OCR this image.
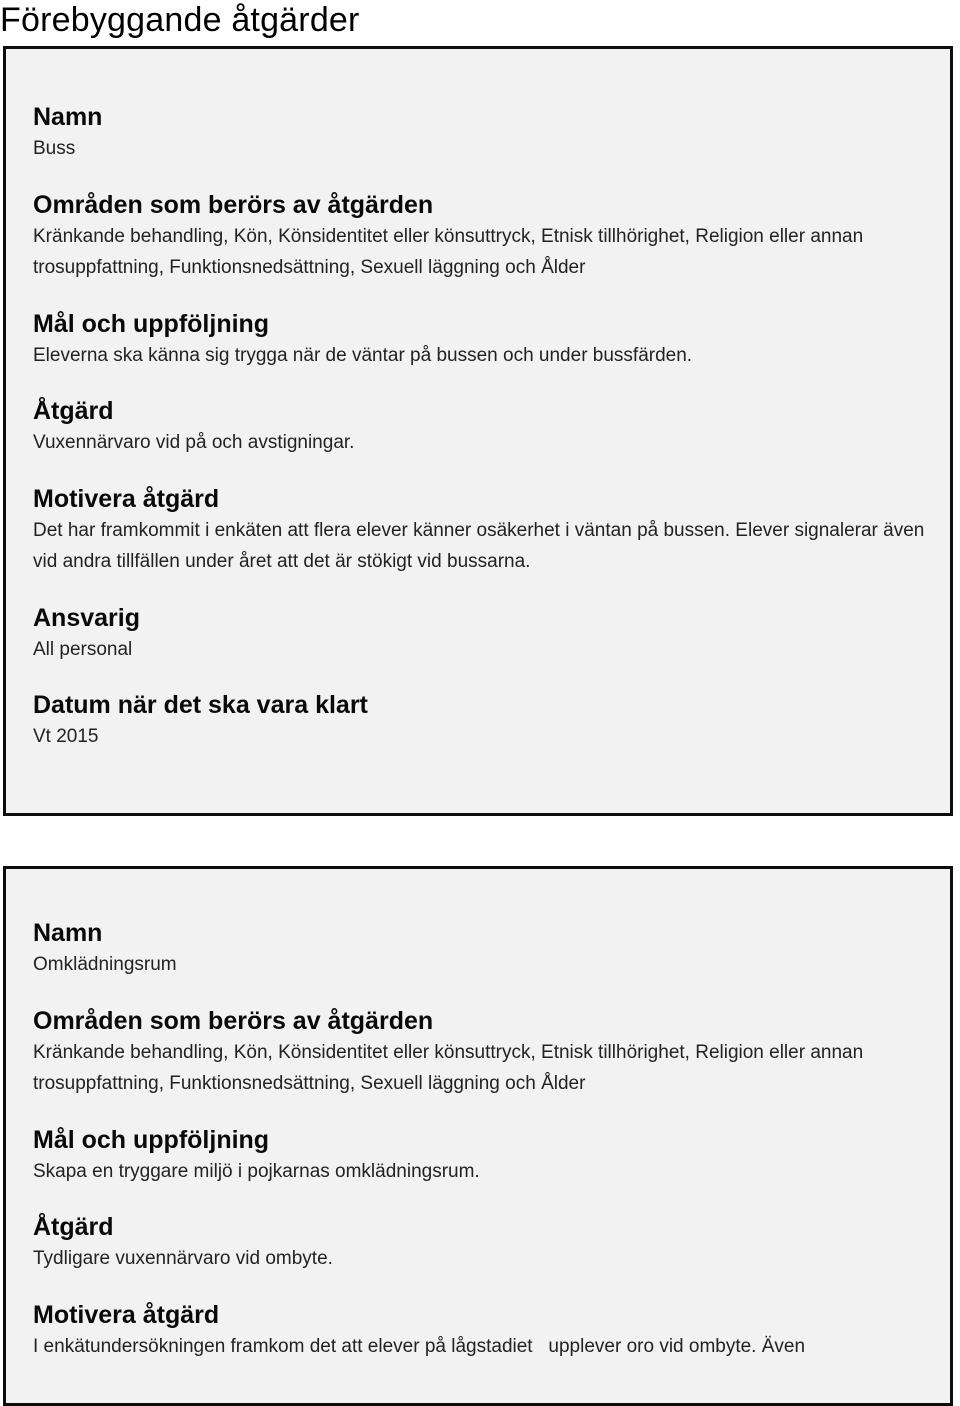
Förebyggande åtgärder

Namn

Buss

Områden som berörs av åtgärden

Kränkande behandling, Kön, Könsidentitet eller könsuttryck, Etnisk tillhörighet, Religion eller annan trosuppfattning, Funktionsnedsättning, Sexuell läggning och Ålder

Mål och uppföljning

Eleverna ska känna sig trygga när de väntar på bussen och under bussfärden.

Åtgärd

Vuxennärvaro vid på och avstigningar.

Motivera åtgärd

Det har framkommit i enkäten att flera elever känner osäkerhet i väntan på bussen. Elever signalerar även vid andra tillfällen under året att det är stökigt vid bussarna.

Ansvarig

All personal

Datum när det ska vara klart

Vt 2015

Namn

Omklädningsrum

Områden som berörs av åtgärden

Kränkande behandling, Kön, Könsidentitet eller könsuttryck, Etnisk tillhörighet, Religion eller annan trosuppfattning, Funktionsnedsättning, Sexuell läggning och Ålder

Mål och uppföljning

Skapa en tryggare miljö i pojkarnas omklädningsrum.

Åtgärd

Tydligare vuxennärvaro vid ombyte.

Motivera åtgärd

I enkätundersökningen framkom det att elever på lågstadiet   upplever oro vid ombyte. Även
